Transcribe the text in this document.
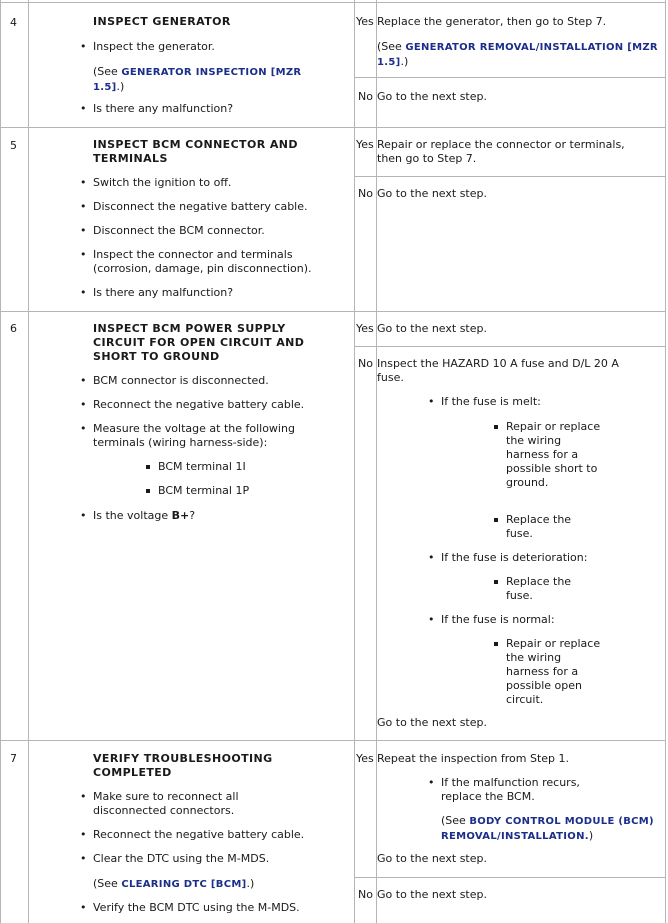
4	INSPECT GENERATOR
• Inspect the generator.
(See GENERATOR INSPECTION [MZR 1.5].)
• Is there any malfunction?
Yes Replace the generator, then go to Step 7.
(See GENERATOR REMOVAL/INSTALLATION [MZR 1.5].)
No Go to the next step.
5	INSPECT BCM CONNECTOR AND TERMINALS
• Switch the ignition to off.
• Disconnect the negative battery cable.
• Disconnect the BCM connector.
• Inspect the connector and terminals (corrosion, damage, pin disconnection).
• Is there any malfunction?
Yes Repair or replace the connector or terminals, then go to Step 7.
No Go to the next step.
6	INSPECT BCM POWER SUPPLY CIRCUIT FOR OPEN CIRCUIT AND SHORT TO GROUND
• BCM connector is disconnected.
• Reconnect the negative battery cable.
• Measure the voltage at the following terminals (wiring harness-side):
BCM terminal 1I
BCM terminal 1P
• Is the voltage B+?
Yes Go to the next step.
No Inspect the HAZARD 10 A fuse and D/L 20 A fuse.
• If the fuse is melt:
Repair or replace the wiring harness for a possible short to ground.
Replace the fuse.
• If the fuse is deterioration:
Replace the fuse.
• If the fuse is normal:
Repair or replace the wiring harness for a possible open circuit.
Go to the next step.
7	VERIFY TROUBLESHOOTING COMPLETED
• Make sure to reconnect all disconnected connectors.
• Reconnect the negative battery cable.
• Clear the DTC using the M-MDS.
(See CLEARING DTC [BCM].)
• Verify the BCM DTC using the M-MDS.
Yes Repeat the inspection from Step 1.
• If the malfunction recurs, replace the BCM.
(See BODY CONTROL MODULE (BCM) REMOVAL/INSTALLATION.)
Go to the next step.
No Go to the next step.
